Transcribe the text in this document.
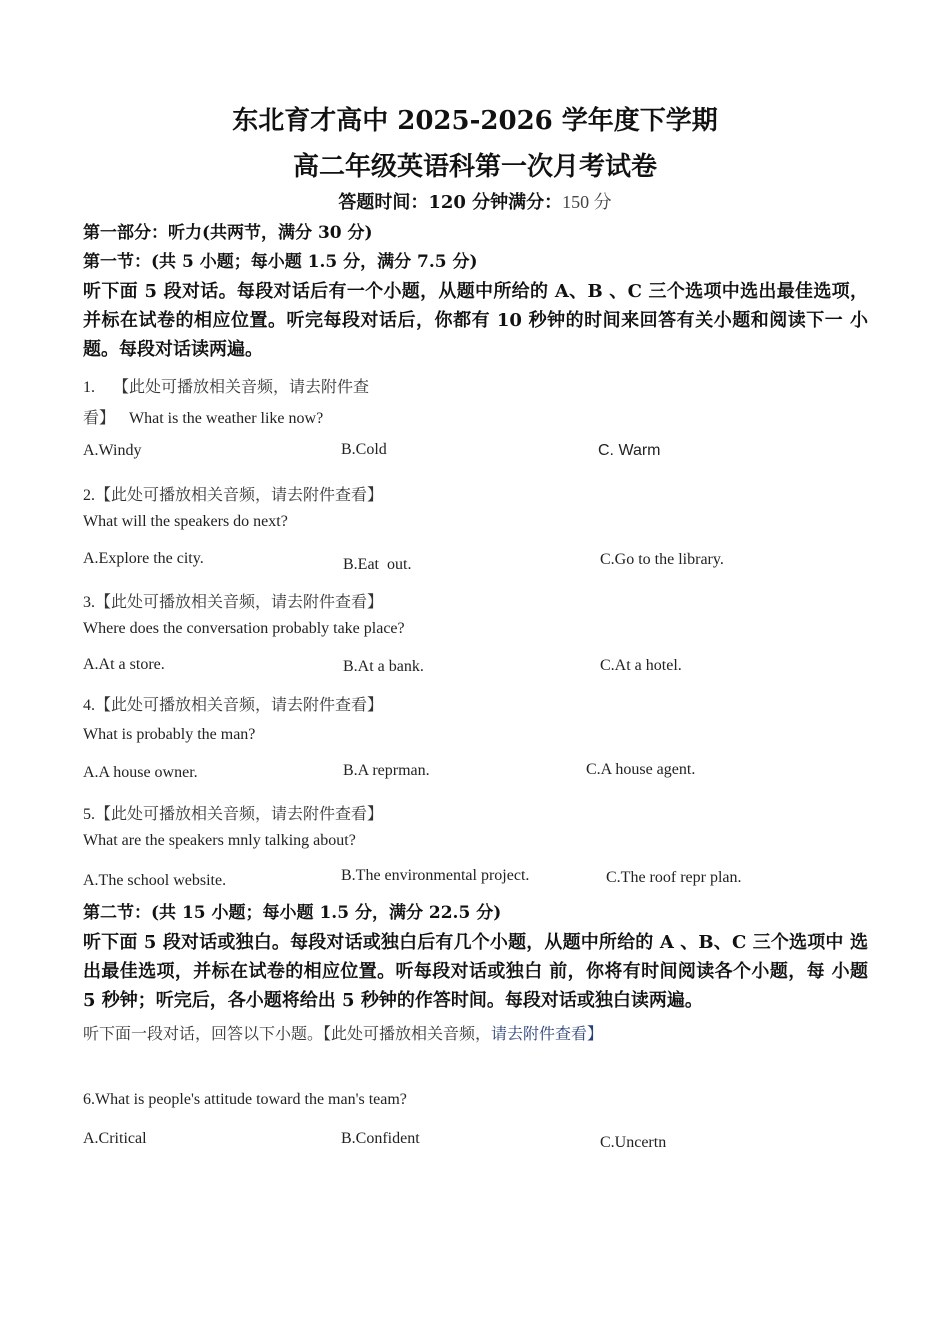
东北育才高中 2025-2026 学年度下学期
高二年级英语科第一次月考试卷
答题时间：120 分钟满分：150 分
第一部分：听力(共两节，满分 30 分)
第一节：(共 5 小题；每小题 1.5 分，满分 7.5 分)
听下面 5 段对话。每段对话后有一个小题，从题中所给的 A、B 、C 三个选项中选出最佳选项， 并标在试卷的相应位置。听完每段对话后，你都有 10 秒钟的时间来回答有关小题和阅读下一 小题。每段对话读两遍。
1. 【此处可播放相关音频，请去附件查
看】 What is the weather like now?
A.Windy	B.Cold	C. Warm
2.【此处可播放相关音频，请去附件查看】
What will the speakers do next?
A.Explore the city.	B.Eat  out.	C.Go to the library.
3.【此处可播放相关音频，请去附件查看】
Where does the conversation probably take place?
A.At a store.	B.At a bank.	C.At a hotel.
4.【此处可播放相关音频，请去附件查看】
What is probably the man?
A.A house owner.	B.A reprman.	C.A house agent.
5.【此处可播放相关音频，请去附件查看】
What are the speakers mnly talking about?
A.The school website.	B.The environmental project.	C.The roof repr plan.
第二节：(共 15 小题；每小题 1.5 分，满分 22.5 分)
听下面 5 段对话或独白。每段对话或独白后有几个小题，从题中所给的 A 、B、C 三个选项中 选出最佳选项，并标在试卷的相应位置。听每段对话或独白 前，你将有时间阅读各个小题，每 小题 5 秒钟；听完后，各小题将给出 5 秒钟的作答时间。每段对话或独白读两遍。
听下面一段对话，回答以下小题。【此处可播放相关音频，请去附件查看】
6.What is people's attitude toward the man's team?
A.Critical	B.Confident	C.Uncertn
